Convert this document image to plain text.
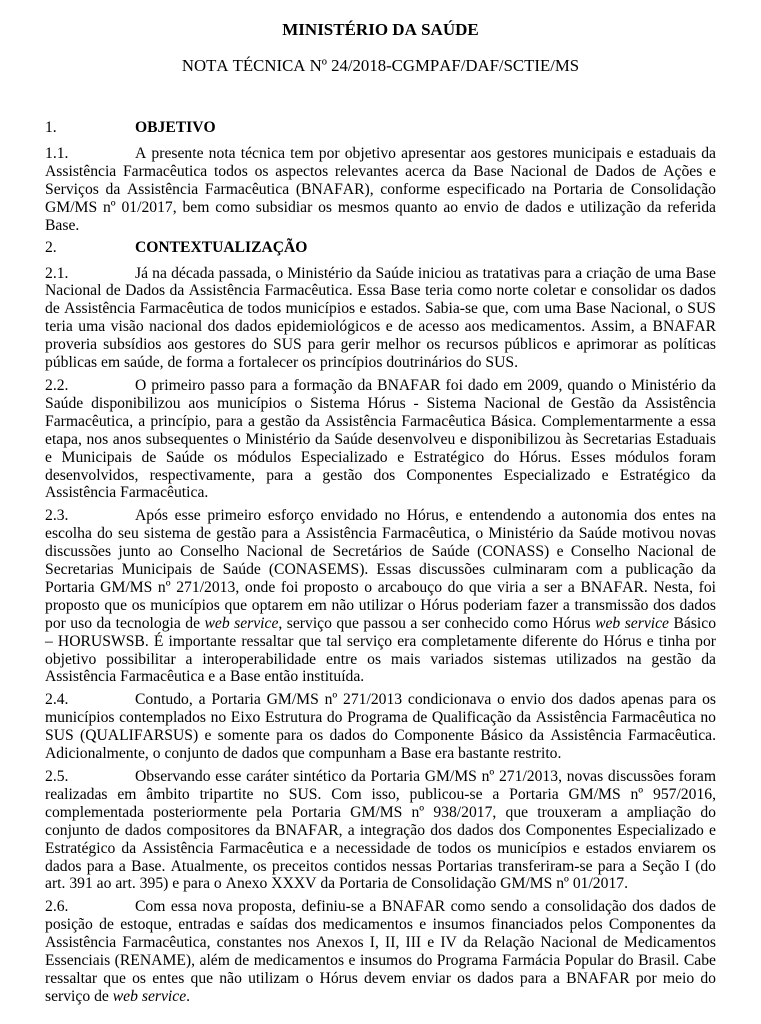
MINISTÉRIO DA SAÚDE
NOTA TÉCNICA Nº 24/2018-CGMPAF/DAF/SCTIE/MS
1.	OBJETIVO

1.1.	A presente nota técnica tem por objetivo apresentar aos gestores municipais e estaduais da Assistência Farmacêutica todos os aspectos relevantes acerca da Base Nacional de Dados de Ações e Serviços da Assistência Farmacêutica (BNAFAR), conforme especificado na Portaria de Consolidação GM/MS nº 01/2017, bem como subsidiar os mesmos quanto ao envio de dados e utilização da referida Base.

2.	CONTEXTUALIZAÇÃO

2.1.	Já na década passada, o Ministério da Saúde iniciou as tratativas para a criação de uma Base Nacional de Dados da Assistência Farmacêutica. Essa Base teria como norte coletar e consolidar os dados de Assistência Farmacêutica de todos municípios e estados. Sabia-se que, com uma Base Nacional, o SUS teria uma visão nacional dos dados epidemiológicos e de acesso aos medicamentos. Assim, a BNAFAR proveria subsídios aos gestores do SUS para gerir melhor os recursos públicos e aprimorar as políticas públicas em saúde, de forma a fortalecer os princípios doutrinários do SUS.

2.2.	O primeiro passo para a formação da BNAFAR foi dado em 2009, quando o Ministério da Saúde disponibilizou aos municípios o Sistema Hórus - Sistema Nacional de Gestão da Assistência Farmacêutica, a princípio, para a gestão da Assistência Farmacêutica Básica. Complementarmente a essa etapa, nos anos subsequentes o Ministério da Saúde desenvolveu e disponibilizou às Secretarias Estaduais e Municipais de Saúde os módulos Especializado e Estratégico do Hórus. Esses módulos foram desenvolvidos, respectivamente, para a gestão dos Componentes Especializado e Estratégico da Assistência Farmacêutica.

2.3.	Após esse primeiro esforço envidado no Hórus, e entendendo a autonomia dos entes na escolha do seu sistema de gestão para a Assistência Farmacêutica, o Ministério da Saúde motivou novas discussões junto ao Conselho Nacional de Secretários de Saúde (CONASS) e Conselho Nacional de Secretarias Municipais de Saúde (CONASEMS). Essas discussões culminaram com a publicação da Portaria GM/MS nº 271/2013, onde foi proposto o arcabouço do que viria a ser a BNAFAR. Nesta, foi proposto que os municípios que optarem em não utilizar o Hórus poderiam fazer a transmissão dos dados por uso da tecnologia de web service, serviço que passou a ser conhecido como Hórus web service Básico – HORUSWSB. É importante ressaltar que tal serviço era completamente diferente do Hórus e tinha por objetivo possibilitar a interoperabilidade entre os mais variados sistemas utilizados na gestão da Assistência Farmacêutica e a Base então instituída.

2.4.	Contudo, a Portaria GM/MS nº 271/2013 condicionava o envio dos dados apenas para os municípios contemplados no Eixo Estrutura do Programa de Qualificação da Assistência Farmacêutica no SUS (QUALIFARSUS) e somente para os dados do Componente Básico da Assistência Farmacêutica. Adicionalmente, o conjunto de dados que compunham a Base era bastante restrito.

2.5.	Observando esse caráter sintético da Portaria GM/MS nº 271/2013, novas discussões foram realizadas em âmbito tripartite no SUS. Com isso, publicou-se a Portaria GM/MS nº 957/2016, complementada posteriormente pela Portaria GM/MS nº 938/2017, que trouxeram a ampliação do conjunto de dados compositores da BNAFAR, a integração dos dados dos Componentes Especializado e Estratégico da Assistência Farmacêutica e a necessidade de todos os municípios e estados enviarem os dados para a Base. Atualmente, os preceitos contidos nessas Portarias transferiram-se para a Seção I (do art. 391 ao art. 395) e para o Anexo XXXV da Portaria de Consolidação GM/MS nº 01/2017.

2.6.	Com essa nova proposta, definiu-se a BNAFAR como sendo a consolidação dos dados de posição de estoque, entradas e saídas dos medicamentos e insumos financiados pelos Componentes da Assistência Farmacêutica, constantes nos Anexos I, II, III e IV da Relação Nacional de Medicamentos Essenciais (RENAME), além de medicamentos e insumos do Programa Farmácia Popular do Brasil. Cabe ressaltar que os entes que não utilizam o Hórus devem enviar os dados para a BNAFAR por meio do serviço de web service.
